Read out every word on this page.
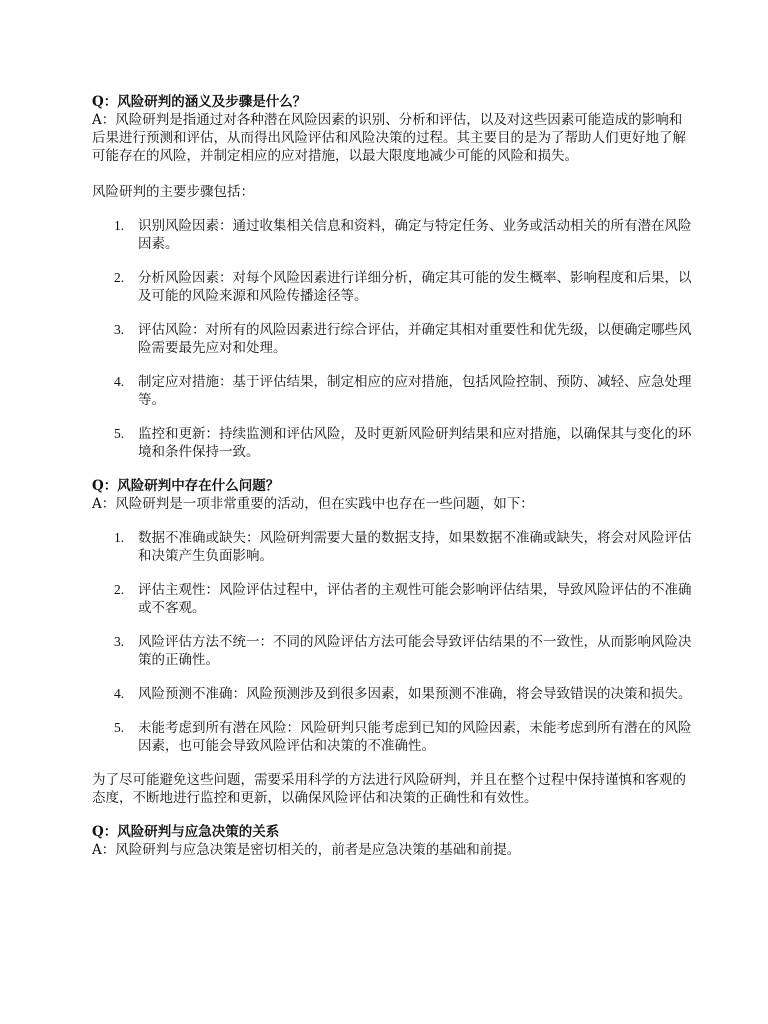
Q：风险研判的涵义及步骤是什么？

A：风险研判是指通过对各种潜在风险因素的识别、分析和评估，以及对这些因素可能造成的影响和后果进行预测和评估，从而得出风险评估和风险决策的过程。其主要目的是为了帮助人们更好地了解可能存在的风险，并制定相应的应对措施，以最大限度地减少可能的风险和损失。

风险研判的主要步骤包括：

1. 识别风险因素：通过收集相关信息和资料，确定与特定任务、业务或活动相关的所有潜在风险因素。
2. 分析风险因素：对每个风险因素进行详细分析，确定其可能的发生概率、影响程度和后果，以及可能的风险来源和风险传播途径等。
3. 评估风险：对所有的风险因素进行综合评估，并确定其相对重要性和优先级，以便确定哪些风险需要最先应对和处理。
4. 制定应对措施：基于评估结果，制定相应的应对措施，包括风险控制、预防、减轻、应急处理等。
5. 监控和更新：持续监测和评估风险，及时更新风险研判结果和应对措施，以确保其与变化的环境和条件保持一致。

Q：风险研判中存在什么问题？

A：风险研判是一项非常重要的活动，但在实践中也存在一些问题，如下：

1. 数据不准确或缺失：风险研判需要大量的数据支持，如果数据不准确或缺失，将会对风险评估和决策产生负面影响。
2. 评估主观性：风险评估过程中，评估者的主观性可能会影响评估结果，导致风险评估的不准确或不客观。
3. 风险评估方法不统一：不同的风险评估方法可能会导致评估结果的不一致性，从而影响风险决策的正确性。
4. 风险预测不准确：风险预测涉及到很多因素，如果预测不准确，将会导致错误的决策和损失。
5. 未能考虑到所有潜在风险：风险研判只能考虑到已知的风险因素，未能考虑到所有潜在的风险因素，也可能会导致风险评估和决策的不准确性。

为了尽可能避免这些问题，需要采用科学的方法进行风险研判，并且在整个过程中保持谨慎和客观的态度，不断地进行监控和更新，以确保风险评估和决策的正确性和有效性。

Q：风险研判与应急决策的关系

A：风险研判与应急决策是密切相关的，前者是应急决策的基础和前提。
